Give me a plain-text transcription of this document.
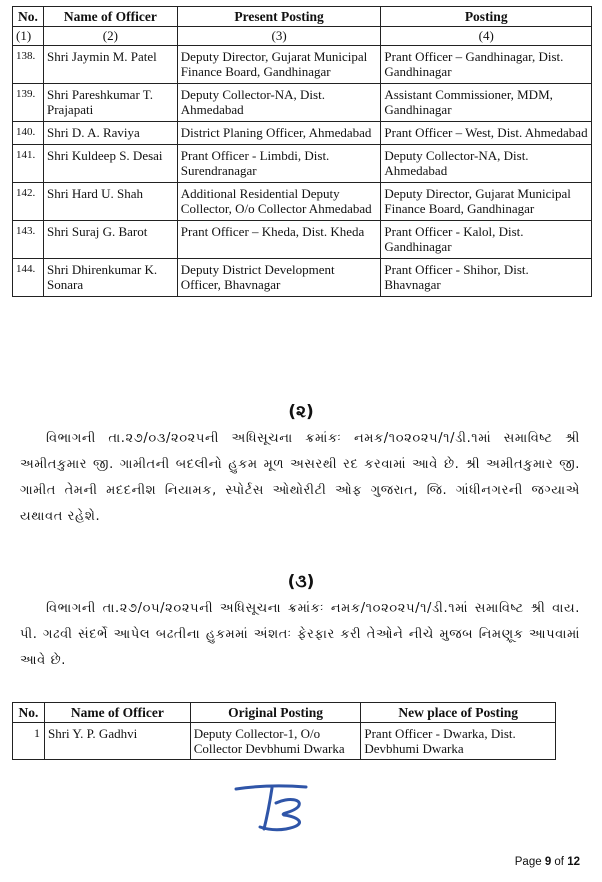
No.	Name of Officer	Present Posting	Posting
(1)	(2)	(3)	(4)
138.	Shri Jaymin M. Patel	Deputy Director, Gujarat Municipal Finance Board, Gandhinagar	Prant Officer – Gandhinagar, Dist. Gandhinagar
139.	Shri Pareshkumar T. Prajapati	Deputy Collector-NA, Dist. Ahmedabad	Assistant Commissioner, MDM, Gandhinagar
140.	Shri D. A. Raviya	District Planing Officer, Ahmedabad	Prant Officer – West, Dist. Ahmedabad
141.	Shri Kuldeep S. Desai	Prant Officer - Limbdi, Dist. Surendranagar	Deputy Collector-NA, Dist. Ahmedabad
142.	Shri Hard U. Shah	Additional Residential Deputy Collector, O/o Collector Ahmedabad	Deputy Director, Gujarat Municipal Finance Board, Gandhinagar
143.	Shri Suraj G. Barot	Prant Officer – Kheda, Dist. Kheda	Prant Officer - Kalol, Dist. Gandhinagar
144.	Shri Dhirenkumar K. Sonara	Deputy District Development Officer, Bhavnagar	Prant Officer - Shihor, Dist. Bhavnagar
(૨)
વિભાગની તા.૨૭/૦૩/૨૦૨૫ની અધિસૂચના ક્રમાંકઃ નમક/૧૦૨૦૨૫/૧/ડી.૧માં સમાવિષ્ટ શ્રી અમીતકુમાર જી. ગામીતની બદલીનો હુકમ મૂળ અસરથી રદ કરવામાં આવે છે. શ્રી અમીતકુમાર જી. ગામીત તેમની મદદનીશ નિયામક, સ્પોર્ટસ ઓથોરીટી ઓફ ગુજરાત, જિ. ગાંધીનગરની જગ્યાએ યથાવત રહેશે.
(૩)
વિભાગની તા.૨૭/૦૫/૨૦૨૫ની અધિસૂચના ક્રમાંકઃ નમક/૧૦૨૦૨૫/૧/ડી.૧માં સમાવિષ્ટ શ્રી વાય. પી. ગઢવી સંદર્ભે આપેલ બઢતીના હુકમમાં અંશતઃ ફેરફાર કરી તેઓને નીચે મુજબ નિમણૂક આપવામાં આવે છે.
No.	Name of Officer	Original Posting	New place of Posting
1	Shri Y. P. Gadhvi	Deputy Collector-1, O/o Collector Devbhumi Dwarka	Prant Officer - Dwarka, Dist. Devbhumi Dwarka
Page 9 of 12
